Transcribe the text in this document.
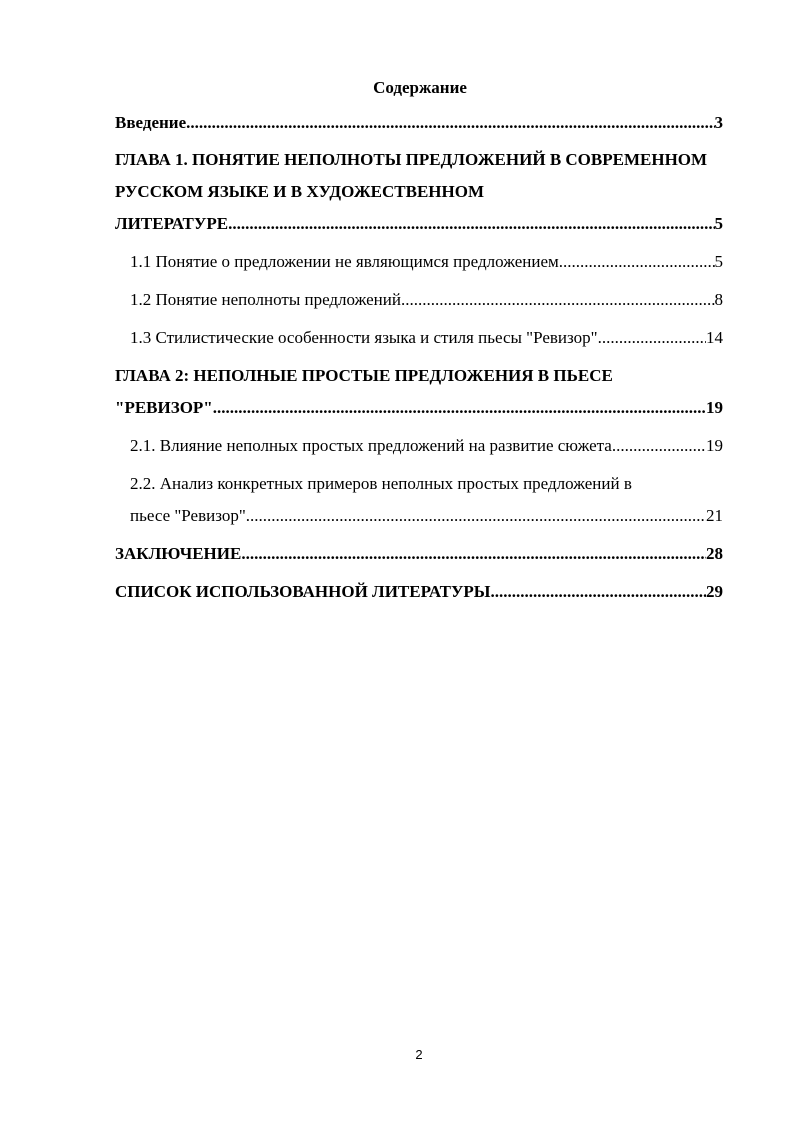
Содержание
Введение .....	3
ГЛАВА 1. ПОНЯТИЕ НЕПОЛНОТЫ ПРЕДЛОЖЕНИЙ В СОВРЕМЕННОМ РУССКОМ ЯЗЫКЕ И В ХУДОЖЕСТВЕННОМ
ЛИТЕРАТУРЕ .....	5
1.1 Понятие о предложении не являющимся предложением .....	5
1.2 Понятие неполноты предложений .....	8
1.3 Стилистические особенности языка и стиля пьесы "Ревизор" .....	14
ГЛАВА 2: НЕПОЛНЫЕ ПРОСТЫЕ ПРЕДЛОЖЕНИЯ В ПЬЕСЕ
"РЕВИЗОР" .....	19
2.1. Влияние неполных простых предложений на развитие сюжета .....	19
2.2. Анализ конкретных примеров неполных простых предложений в
пьесе "Ревизор" .....	21
ЗАКЛЮЧЕНИЕ .....	28
СПИСОК ИСПОЛЬЗОВАННОЙ ЛИТЕРАТУРЫ .....	29
2
